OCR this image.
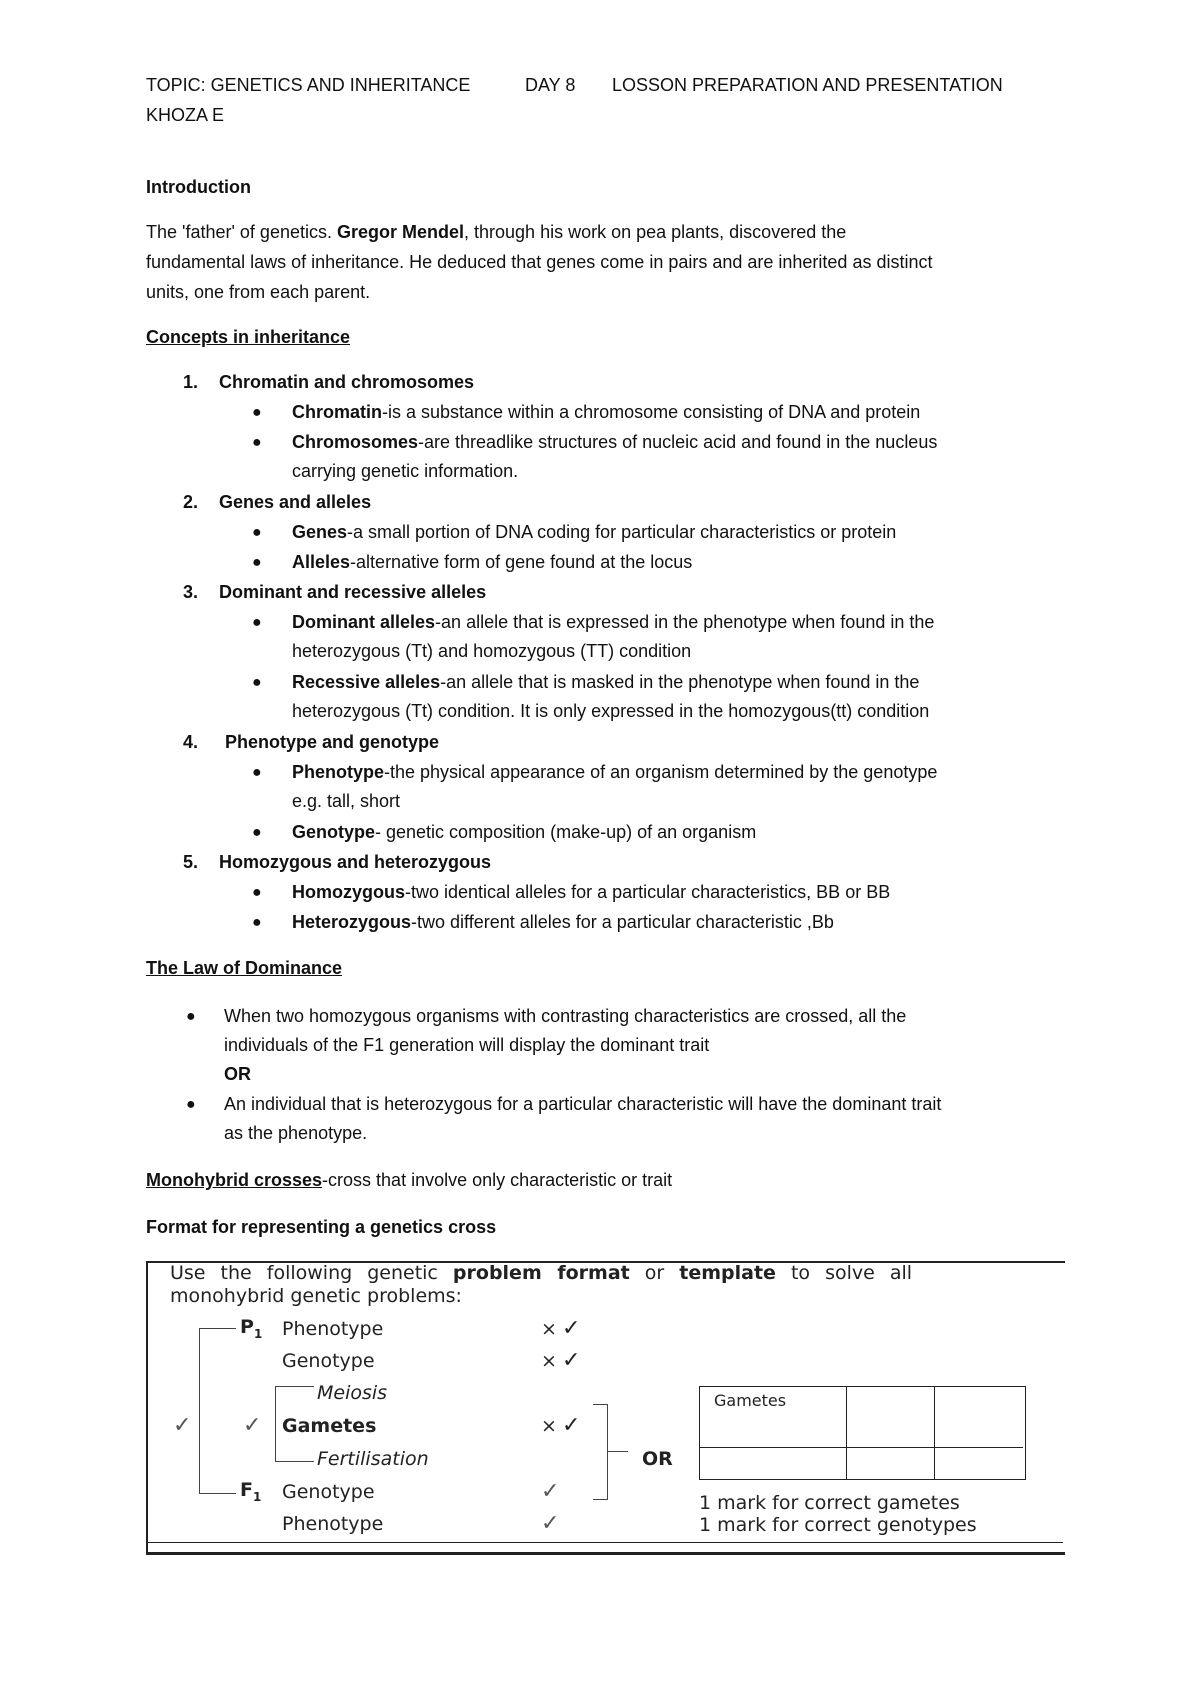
TOPIC: GENETICS AND INHERITANCE	DAY 8 LOSSON PREPARATION AND PRESENTATION
KHOZA E
Introduction
The 'father' of genetics. Gregor Mendel, through his work on pea plants, discovered the
fundamental laws of inheritance. He deduced that genes come in pairs and are inherited as distinct
units, one from each parent.
Concepts in inheritance
1. Chromatin and chromosomes
● Chromatin-is a substance within a chromosome consisting of DNA and protein
● Chromosomes-are threadlike structures of nucleic acid and found in the nucleus
carrying genetic information.
2. Genes and alleles
● Genes-a small portion of DNA coding for particular characteristics or protein
● Alleles-alternative form of gene found at the locus
3. Dominant and recessive alleles
● Dominant alleles-an allele that is expressed in the phenotype when found in the
heterozygous (Tt) and homozygous (TT) condition
● Recessive alleles-an allele that is masked in the phenotype when found in the
heterozygous (Tt) condition. It is only expressed in the homozygous(tt) condition
4. Phenotype and genotype
● Phenotype-the physical appearance of an organism determined by the genotype
e.g. tall, short
● Genotype- genetic composition (make-up) of an organism
5. Homozygous and heterozygous
● Homozygous-two identical alleles for a particular characteristics, BB or BB
● Heterozygous-two different alleles for a particular characteristic ,Bb
The Law of Dominance
● When two homozygous organisms with contrasting characteristics are crossed, all the
individuals of the F1 generation will display the dominant trait
OR
● An individual that is heterozygous for a particular characteristic will have the dominant trait
as the phenotype.
Monohybrid crosses-cross that involve only characteristic or trait
Format for representing a genetics cross
Use the following genetic problem format or template to solve all
monohybrid genetic problems:
$P_1$ Phenotype	× ✓
Genotype	× ✓
Meiosis
✓ ✓ Gametes	× ✓
Fertilisation	OR
$F_1$ Genotype	✓
Phenotype	✓
Gametes
1 mark for correct gametes
1 mark for correct genotypes
